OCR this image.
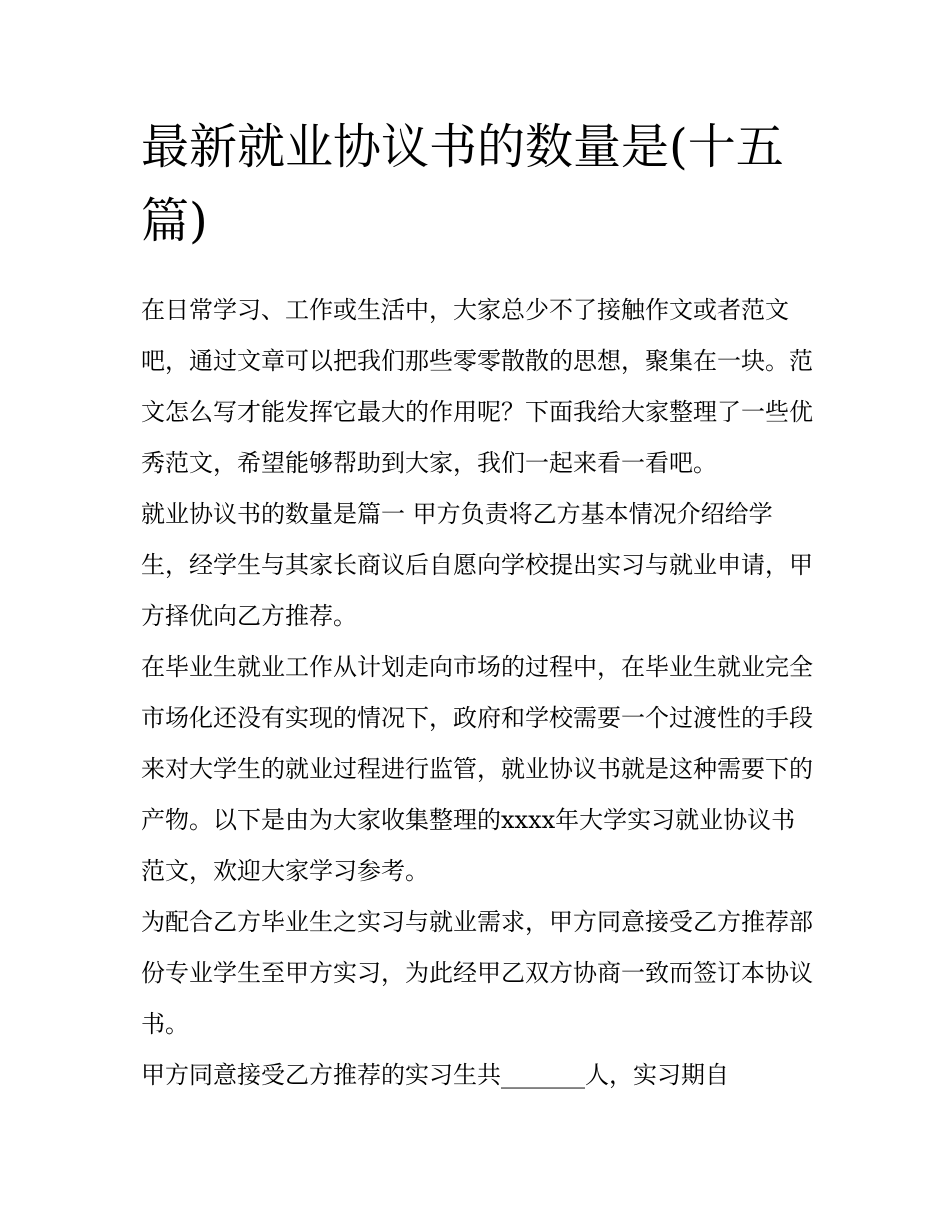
最新就业协议书的数量是(十五篇)

在日常学习、工作或生活中，大家总少不了接触作文或者范文吧，通过文章可以把我们那些零零散散的思想，聚集在一块。范文怎么写才能发挥它最大的作用呢？下面我给大家整理了一些优秀范文，希望能够帮助到大家，我们一起来看一看吧。

就业协议书的数量是篇一 甲方负责将乙方基本情况介绍给学生，经学生与其家长商议后自愿向学校提出实习与就业申请，甲方择优向乙方推荐。

在毕业生就业工作从计划走向市场的过程中，在毕业生就业完全市场化还没有实现的情况下，政府和学校需要一个过渡性的手段来对大学生的就业过程进行监管，就业协议书就是这种需要下的产物。以下是由为大家收集整理的xxxx年大学实习就业协议书范文，欢迎大家学习参考。

为配合乙方毕业生之实习与就业需求，甲方同意接受乙方推荐部份专业学生至甲方实习，为此经甲乙双方协商一致而签订本协议书。

甲方同意接受乙方推荐的实习生共_______人，实习期自
